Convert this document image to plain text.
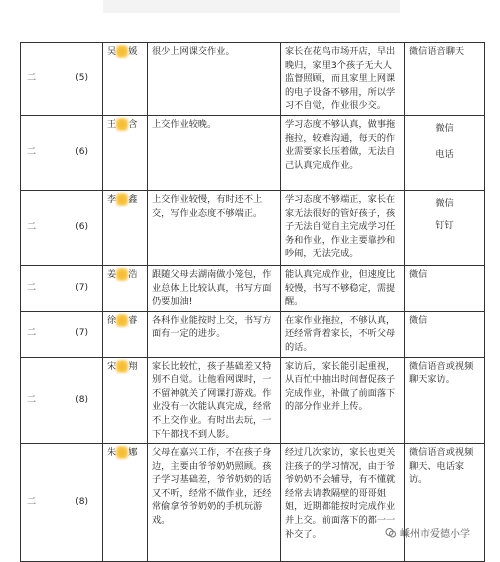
二 (5)	吴 媛	很少上网课交作业。	家长在花鸟市场开店，早出晚归，家里3个孩子无大人监督照顾，而且家里上网课的电子设备不够用，所以学习不自觉，作业很少交。	微信语音聊天

二 (6)	王 含	上交作业较晚。	学习态度不够认真，做事拖拖拉，较难沟通，每天的作业需要家长压着做，无法自己认真完成作业。	微信
电话

二 (6)	李 鑫	上交作业较慢，有时还不上交，写作业态度不够端正。	学习态度不够端正，家长在家无法很好的管好孩子，孩子无法自觉自主完成学习任务和作业，作业主要靠抄和吵闹，无法完成。	微信
钉钉

二 (7)	姜 浩	跟随父母去湖南做小笼包，作业总体上比较认真，书写方面仍要加油!	能认真完成作业，但速度比较慢，书写不够稳定，需提醒。	微信

二 (7)	徐 睿	各科作业能按时上交，书写方面有一定的进步。	在家作业拖拉，不够认真，还经常背着家长，不听父母的话。	微信

二 (8)	宋 翔	家长比较忙，孩子基础差又特别不自觉。让他看网课时，一不留神就关了网课打游戏。作业没有一次能认真完成，经常不上交作业。有时出去玩，一下午都找不到人影。	家访后，家长能引起重视，从百忙中抽出时间督促孩子完成作业，补做了前面落下的部分作业并上传。	微信语音或视频聊天家访。

二 (8)	朱 娜	父母在嘉兴工作，不在孩子身边，主要由爷爷奶奶照顾。孩子学习基础差，爷爷奶奶的话又不听，经常不做作业，还经常偷拿爷爷奶奶的手机玩游戏。	经过几次家访，家长也更关注孩子的学习情况，由于爷爷奶奶不会辅导，有不懂就经常去请教隔壁的哥哥姐姐，近期都能按时完成作业并上交。前面落下的都一一补交了。	微信语音或视频聊天、电话家访。
嵊州市爱德小学
